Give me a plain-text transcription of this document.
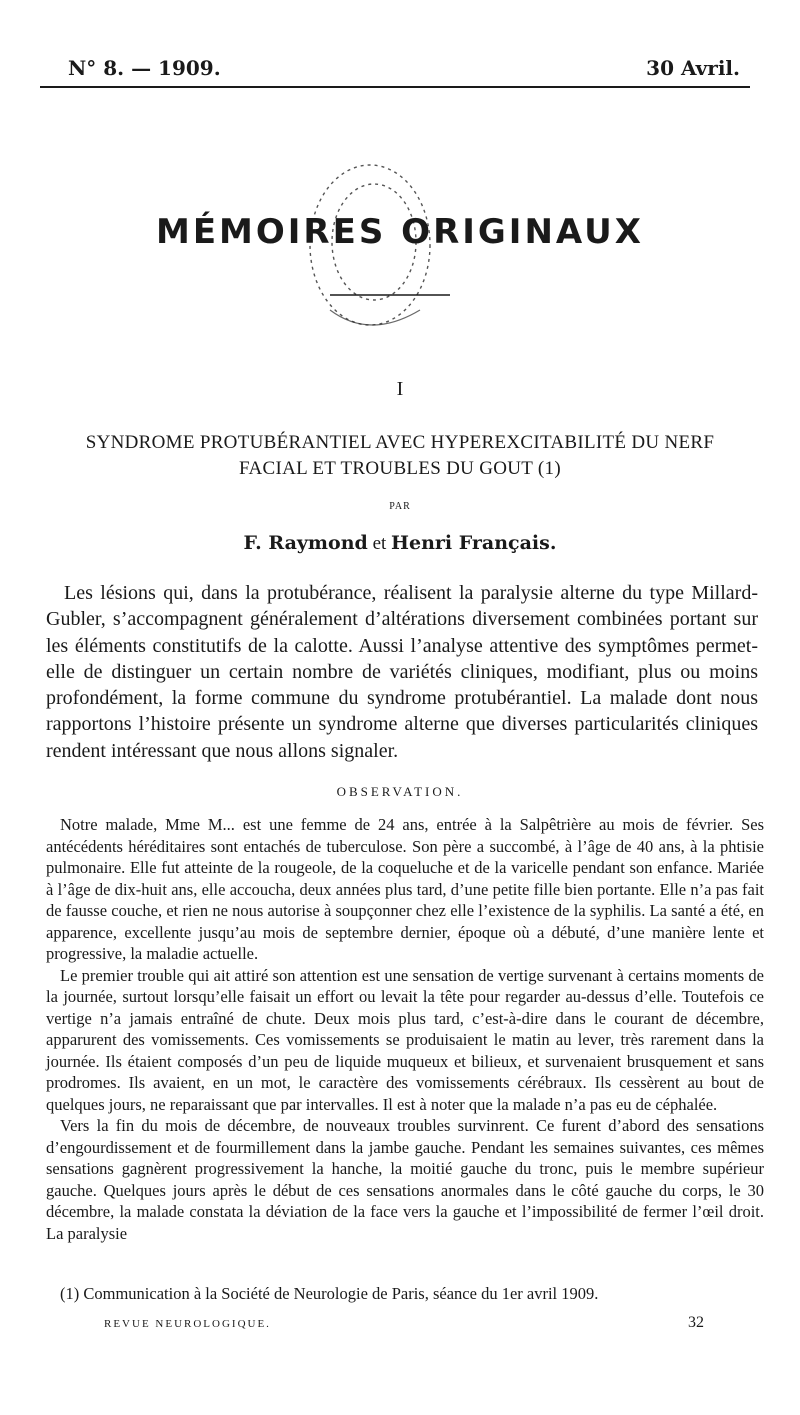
N° 8. — 1909.	30 Avril.
MÉMOIRES ORIGINAUX
I
SYNDROME PROTUBÉRANTIEL AVEC HYPEREXCITABILITÉ DU NERF
FACIAL ET TROUBLES DU GOUT (1)
PAR
F. Raymond et Henri Français.

Les lésions qui, dans la protubérance, réalisent la paralysie alterne du type Millard-Gubler, s’accompagnent généralement d’altérations diversement combinées portant sur les éléments constitutifs de la calotte. Aussi l’analyse attentive des symptômes permet-elle de distinguer un certain nombre de variétés cliniques, modifiant, plus ou moins profondément, la forme commune du syndrome protubérantiel. La malade dont nous rapportons l’histoire présente un syndrome alterne que diverses particularités cliniques rendent intéressant que nous allons signaler.

OBSERVATION.

Notre malade, Mme M... est une femme de 24 ans, entrée à la Salpêtrière au mois de février. Ses antécédents héréditaires sont entachés de tuberculose. Son père a succombé, à l’âge de 40 ans, à la phtisie pulmonaire. Elle fut atteinte de la rougeole, de la coqueluche et de la varicelle pendant son enfance. Mariée à l’âge de dix-huit ans, elle accoucha, deux années plus tard, d’une petite fille bien portante. Elle n’a pas fait de fausse couche, et rien ne nous autorise à soupçonner chez elle l’existence de la syphilis. La santé a été, en apparence, excellente jusqu’au mois de septembre dernier, époque où a débuté, d’une manière lente et progressive, la maladie actuelle.

Le premier trouble qui ait attiré son attention est une sensation de vertige survenant à certains moments de la journée, surtout lorsqu’elle faisait un effort ou levait la tête pour regarder au-dessus d’elle. Toutefois ce vertige n’a jamais entraîné de chute. Deux mois plus tard, c’est-à-dire dans le courant de décembre, apparurent des vomissements. Ces vomissements se produisaient le matin au lever, très rarement dans la journée. Ils étaient composés d’un peu de liquide muqueux et bilieux, et survenaient brusquement et sans prodromes. Ils avaient, en un mot, le caractère des vomissements cérébraux. Ils cessèrent au bout de quelques jours, ne reparaissant que par intervalles. Il est à noter que la malade n’a pas eu de céphalée.

Vers la fin du mois de décembre, de nouveaux troubles survinrent. Ce furent d’abord des sensations d’engourdissement et de fourmillement dans la jambe gauche. Pendant les semaines suivantes, ces mêmes sensations gagnèrent progressivement la hanche, la moitié gauche du tronc, puis le membre supérieur gauche. Quelques jours après le début de ces sensations anormales dans le côté gauche du corps, le 30 décembre, la malade constata la déviation de la face vers la gauche et l’impossibilité de fermer l’œil droit. La paralysie

(1) Communication à la Société de Neurologie de Paris, séance du 1er avril 1909.
REVUE NEUROLOGIQUE.	32
